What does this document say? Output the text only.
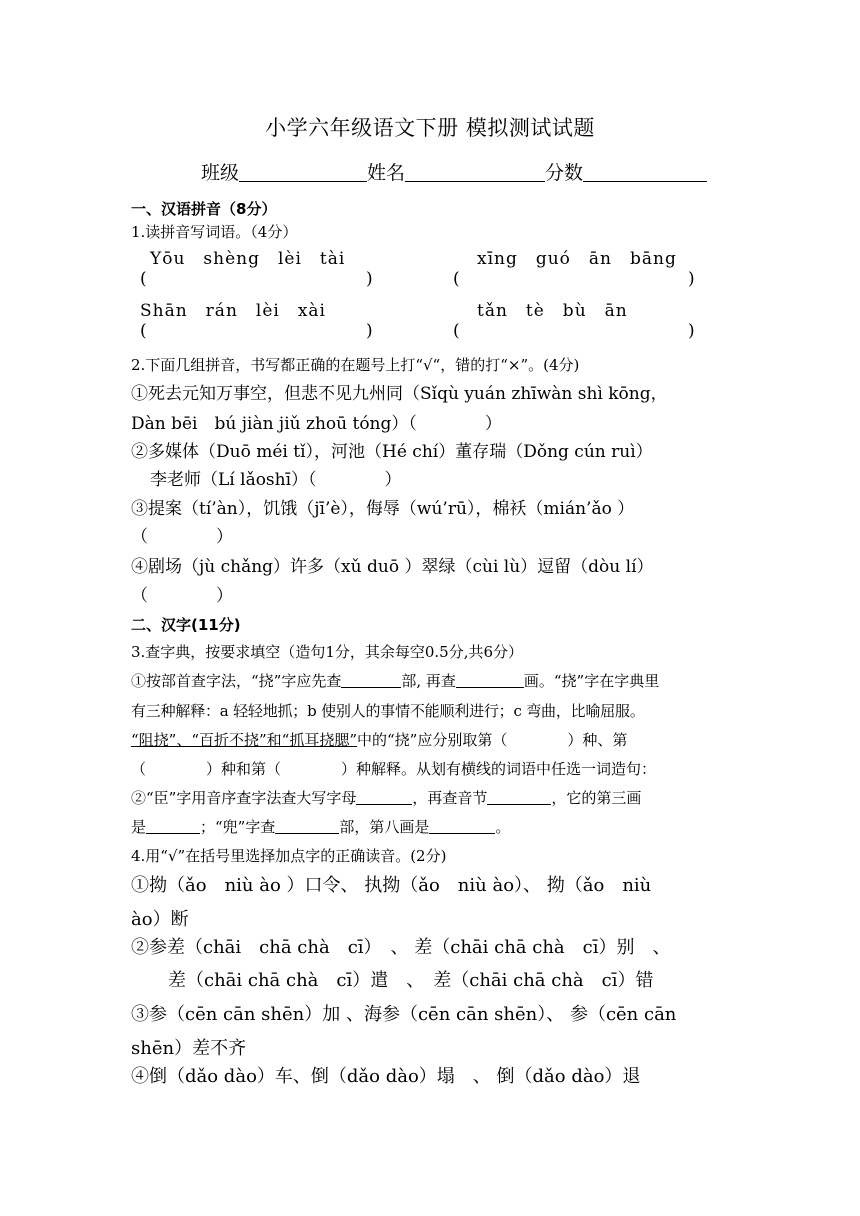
小学六年级语文下册 模拟测试试题
班级	姓名	分数
一、汉语拼音（8分）
1.读拼音写词语。（4分）
Yōu　shèng　lèi　tài	xīng　guó　ān　bāng
(	)	(	)
Shān　rán　lèi　xài	tǎn　tè　bù　ān
(	)	(	)
2.下面几组拼音，书写都正确的在题号上打“√“，错的打“×”。(4分)
①死去元知万事空，但悲不见九州同（Sǐqù yuán zhīwàn shì kōng，
Dàn bēi　bú jiàn jiǔ zhoū tóng）（　　　　）
②多媒体（Duō méi tǐ），河池（Hé chí）董存瑞（Dǒng cún ruì）
李老师（Lí lǎoshī）（　　　　）
③提案（tí’àn），饥饿（jī’è），侮辱（wú’rū），棉袄（mián’ǎo ）
（　　　　）
④剧场（jù chǎng）许多（xǔ duō ）翠绿（cùi lù）逗留（dòu lí）
（　　　　）
二、汉字(11分)
3.查字典，按要求填空（造句1分，其余每空0.5分,共6分）
①按部首查字法，“挠”字应先查	部, 再查	画。“挠”字在字典里
有三种解释：a 轻轻地抓；b 使别人的事情不能顺利进行；c 弯曲，比喻屈服。
“阻挠”、“百折不挠”和“抓耳挠腮”中的“挠”应分别取第（　　　　）种、第
（　　　　）种和第（　　　　）种解释。从划有横线的词语中任选一词造句：
②“臣”字用音序查字法查大写字母	，再查音节	，它的第三画
是	；“兜”字查	部，第八画是	。
4.用“√”在括号里选择加点字的正确读音。(2分)
①拗（ǎo　niù ào ）口令、 执拗（ǎo　niù ào）、 拗（ǎo　niù
ào）断
②参差（chāi　chā chà　cī）　、 差（chāi chā chà　cī）别　、
差（chāi chā chà　cī）遣　、　差（chāi chā chà　cī）错
③参（cēn cān shēn）加 、海参（cēn cān shēn）、 参（cēn cān
shēn）差不齐
④倒（dǎo dào）车、倒（dǎo dào）塌　、 倒（dǎo dào）退
